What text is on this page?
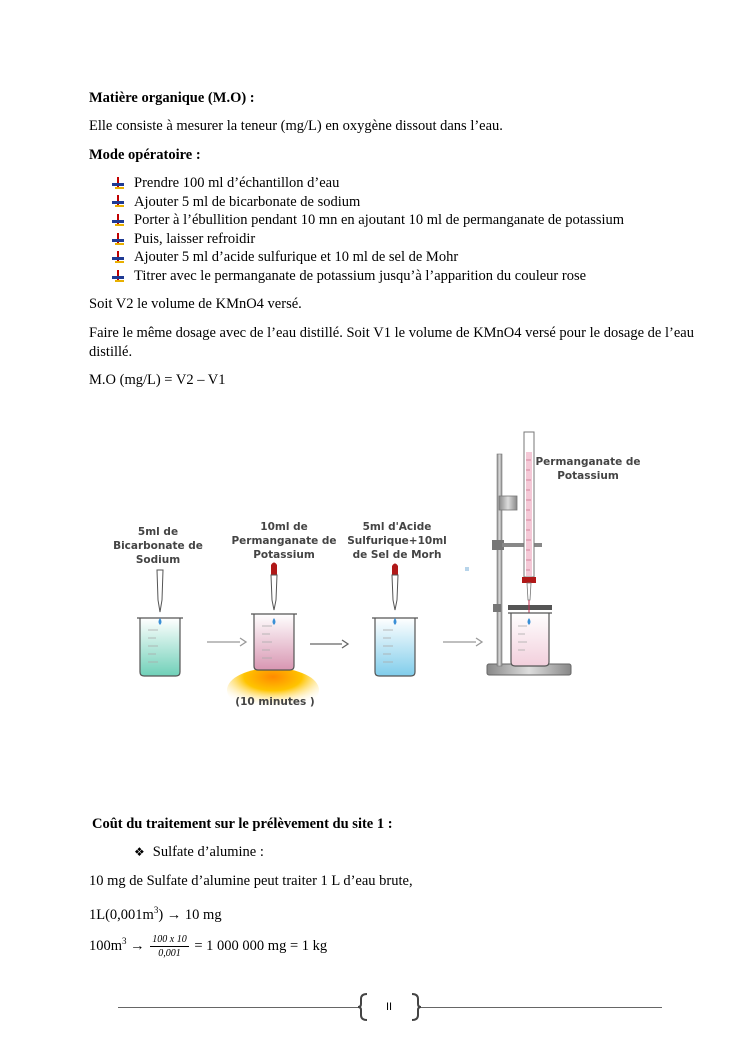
Matière organique (M.O) :
Elle consiste à mesurer la teneur (mg/L) en oxygène dissout dans l’eau.
Mode opératoire :
Prendre 100 ml d’échantillon d’eau
Ajouter 5 ml de bicarbonate de sodium
Porter à l’ébullition pendant 10 mn en ajoutant 10 ml de permanganate de potassium
Puis, laisser refroidir
Ajouter 5 ml d’acide sulfurique et 10 ml de sel de Mohr
Titrer avec le permanganate de potassium jusqu’à l’apparition du couleur rose
Soit V2 le volume de KMnO4 versé.
Faire le même dosage avec de l’eau distillé. Soit V1 le volume de KMnO4 versé pour le dosage de l’eau distillé.
M.O (mg/L) = V2 – V1
5ml de
Bicarbonate de
Sodium
10ml de
Permanganate de
Potassium
5ml d'Acide
Sulfurique+10ml
de Sel de Morh
Permanganate de
Potassium
(10 minutes )
Coût du traitement sur le prélèvement du site 1 :
❖ Sulfate d’alumine :
10 mg de Sulfate d’alumine peut traiter 1 L d’eau brute,
$1L(0,001m^3) \to 10$ mg
$100m^3 \to \frac{100 x 10}{0,001} = 1$ 000 000 mg = 1 kg
II
